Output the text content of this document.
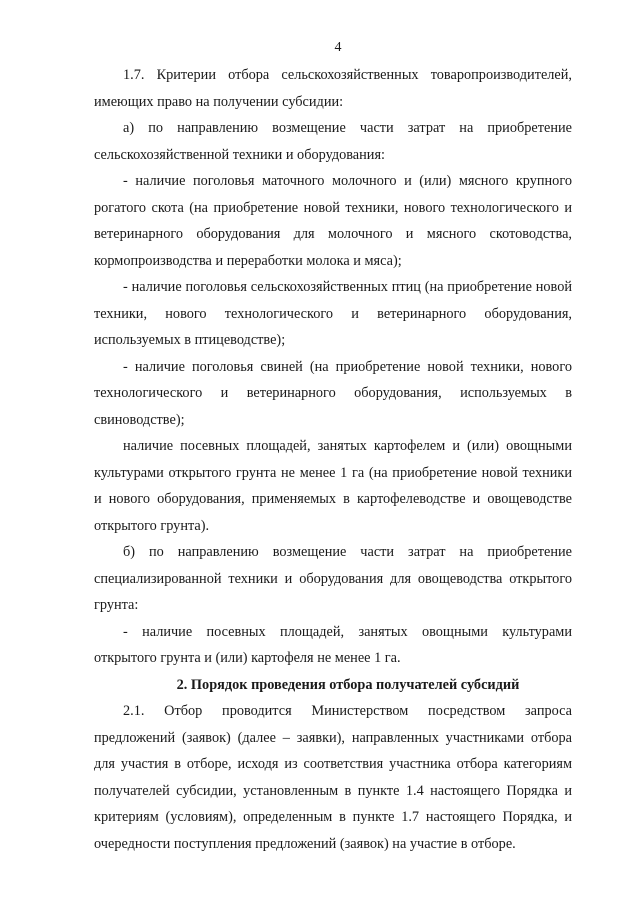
4

1.7. Критерии отбора сельскохозяйственных товаропроизводителей, имеющих право на получении субсидии:

а) по направлению возмещение части затрат на приобретение сельскохозяйственной техники и оборудования:

- наличие поголовья маточного молочного и (или) мясного крупного рогатого скота (на приобретение новой техники, нового технологического и ветеринарного оборудования для молочного и мясного скотоводства, кормопроизводства и переработки молока и мяса);

- наличие поголовья сельскохозяйственных птиц (на приобретение новой техники, нового технологического и ветеринарного оборудования, используемых в птицеводстве);

- наличие поголовья свиней (на приобретение новой техники, нового технологического и ветеринарного оборудования, используемых в свиноводстве);

наличие посевных площадей, занятых картофелем и (или) овощными культурами открытого грунта не менее 1 га (на приобретение новой техники и нового оборудования, применяемых в картофелеводстве и овощеводстве открытого грунта).

б) по направлению возмещение части затрат на приобретение специализированной техники и оборудования для овощеводства открытого грунта:

- наличие посевных площадей, занятых овощными культурами открытого грунта и (или) картофеля не менее 1 га.

2. Порядок проведения отбора получателей субсидий

2.1. Отбор проводится Министерством посредством запроса предложений (заявок) (далее – заявки), направленных участниками отбора для участия в отборе, исходя из соответствия участника отбора категориям получателей субсидии, установленным в пункте 1.4 настоящего Порядка и критериям (условиям), определенным в пункте 1.7 настоящего Порядка, и очередности поступления предложений (заявок) на участие в отборе.
